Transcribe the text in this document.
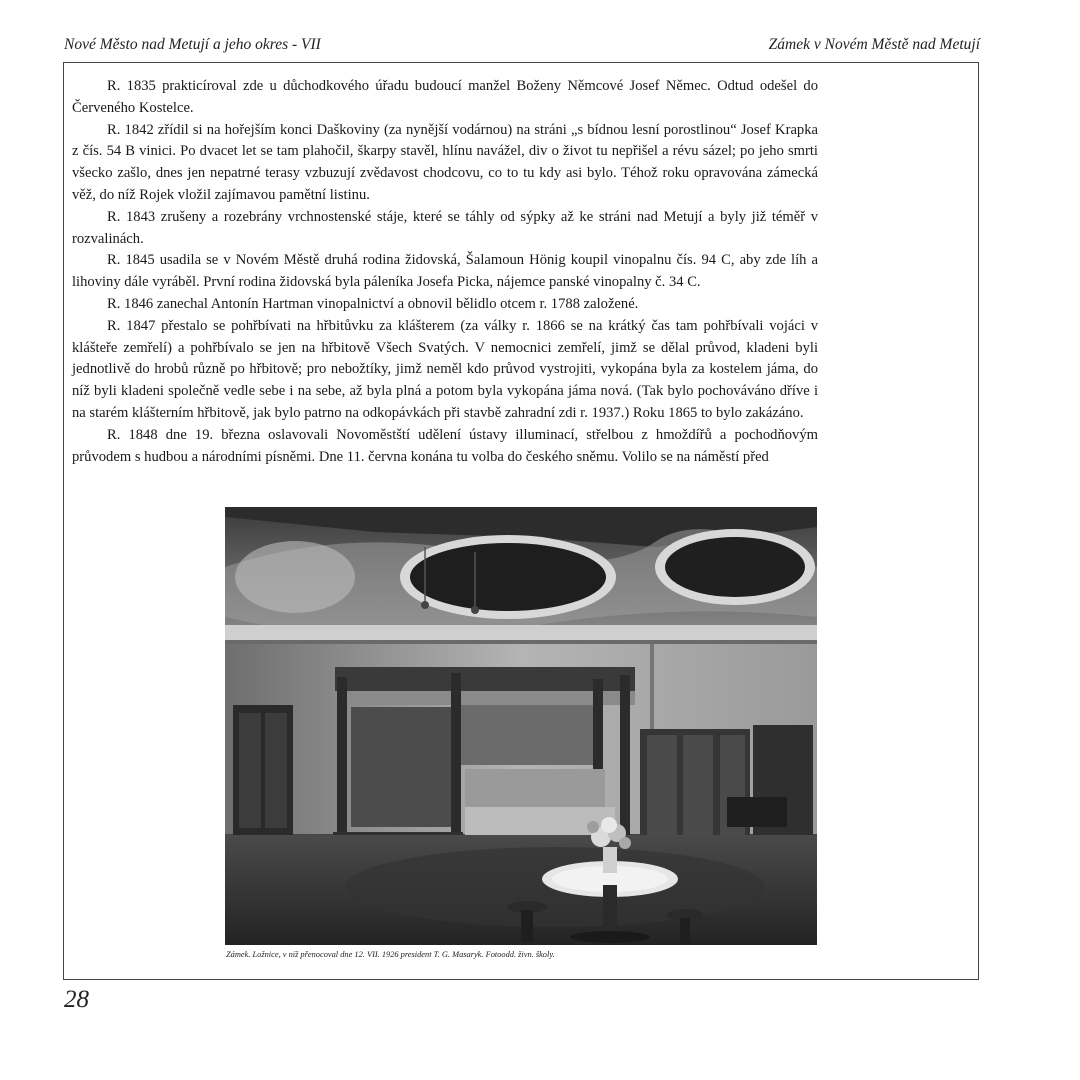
Nové Město nad Metují a jeho okres - VII	Zámek v Novém Městě nad Metují

R. 1835 prakticíroval zde u důchodkového úřadu budoucí manžel Boženy Němcové Josef Němec. Odtud odešel do Červeného Kostelce.

R. 1842 zřídil si na hořejším konci Daškoviny (za nynější vodárnou) na stráni „s bídnou lesní porostlinou“ Josef Krapka z čís. 54 B vinici. Po dvacet let se tam plahočil, škarpy stavěl, hlínu navážel, div o život tu nepřišel a révu sázel; po jeho smrti všecko zašlo, dnes jen nepatrné terasy vzbuzují zvědavost chodcovu, co to tu kdy asi bylo. Téhož roku opravována zámecká věž, do níž Rojek vložil zajímavou pamětní listinu.

R. 1843 zrušeny a rozebrány vrchnostenské stáje, které se táhly od sýpky až ke stráni nad Metují a byly již téměř v rozvalinách.

R. 1845 usadila se v Novém Městě druhá rodina židovská, Šalamoun Hönig koupil vinopalnu čís. 94 C, aby zde líh a lihoviny dále vyráběl. První rodina židovská byla páleníka Josefa Picka, nájemce panské vinopalny č. 34 C.

R. 1846 zanechal Antonín Hartman vinopalnictví a obnovil bělidlo otcem r. 1788 založené.

R. 1847 přestalo se pohřbívati na hřbitůvku za klášterem (za války r. 1866 se na krátký čas tam pohřbívali vojáci v klášteře zemřelí) a pohřbívalo se jen na hřbitově Všech Svatých. V nemocnici zemřelí, jimž se dělal průvod, kladeni byli jednotlivě do hrobů různě po hřbitově; pro nebožtíky, jimž neměl kdo průvod vystrojiti, vykopána byla za kostelem jáma, do níž byli kladeni společně vedle sebe i na sebe, až byla plná a potom byla vykopána jáma nová. (Tak bylo pochováváno dříve i na starém klášterním hřbitově, jak bylo patrno na odkopávkách při stavbě zahradní zdi r. 1937.) Roku 1865 to bylo zakázáno.

R. 1848 dne 19. března oslavovali Novoměstští udělení ústavy illuminací, střelbou z hmoždířů a pochodňovým průvodem s hudbou a národními písněmi. Dne 11. června konána tu volba do českého sněmu. Volilo se na náměstí před

Zámek. Ložnice, v níž přenocoval dne 12. VII. 1926 president T. G. Masaryk. Fotoodd. živn. školy.
28
